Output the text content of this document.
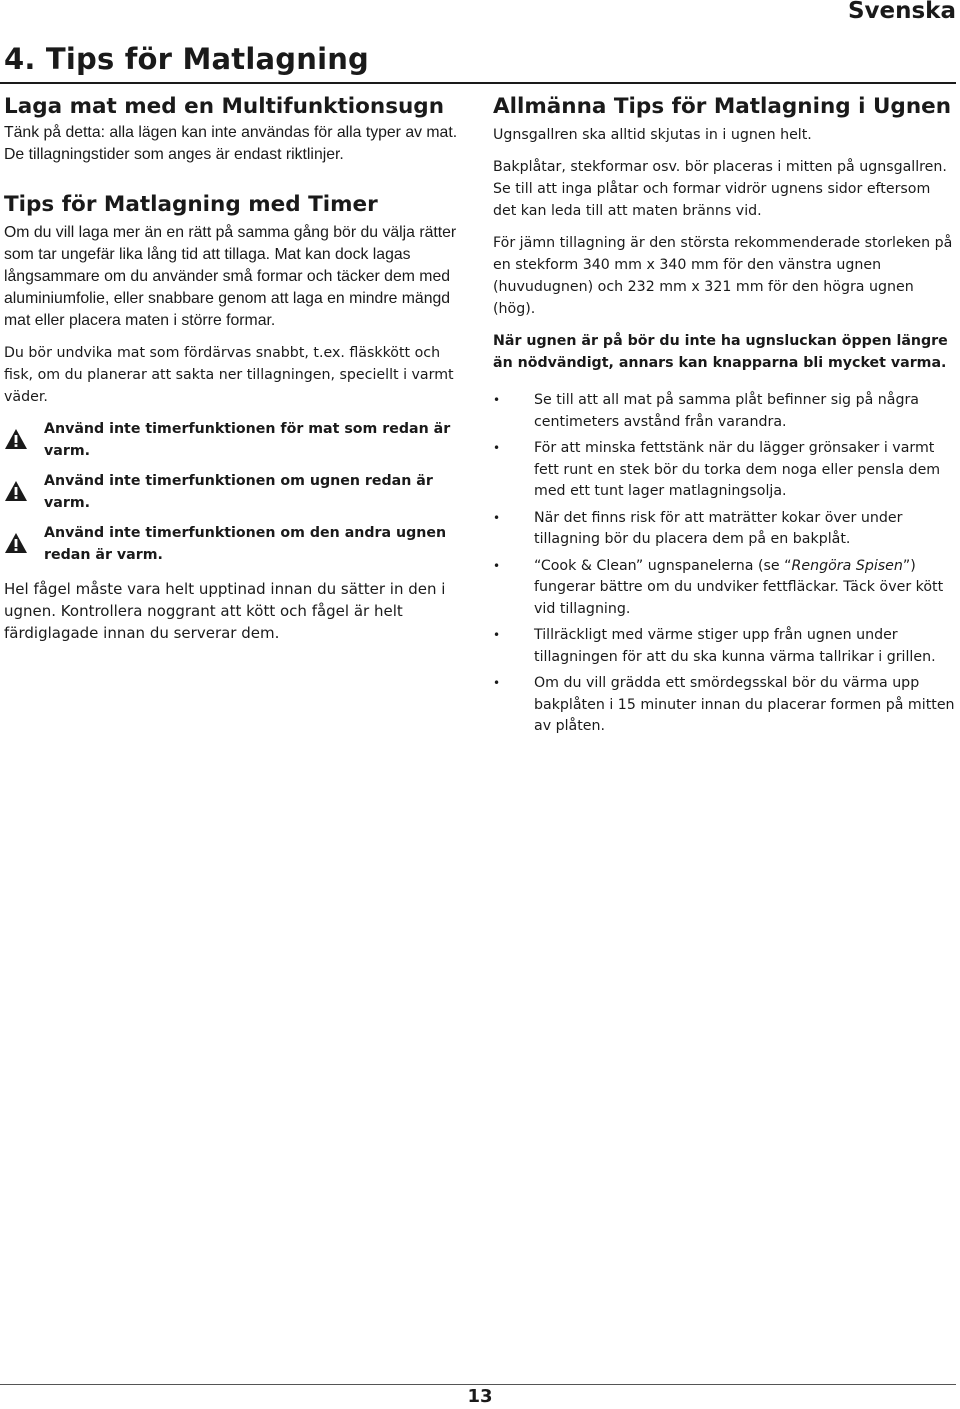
Svenska
4. Tips för Matlagning
Laga mat med en Multifunktionsugn

Tänk på detta: alla lägen kan inte användas för alla typer av mat. De tillagningstider som anges är endast riktlinjer.

Tips för Matlagning med Timer

Om du vill laga mer än en rätt på samma gång bör du välja rätter som tar ungefär lika lång tid att tillaga. Mat kan dock lagas långsammare om du använder små formar och täcker dem med aluminiumfolie, eller snabbare genom att laga en mindre mängd mat eller placera maten i större formar.

Du bör undvika mat som fördärvas snabbt, t.ex. fläskkött och fisk, om du planerar att sakta ner tillagningen, speciellt i varmt väder.

Använd inte timerfunktionen för mat som redan är varm.
Använd inte timerfunktionen om ugnen redan är varm.
Använd inte timerfunktionen om den andra ugnen redan är varm.

Hel fågel måste vara helt upptinad innan du sätter in den i ugnen. Kontrollera noggrant att kött och fågel är helt färdiglagade innan du serverar dem.

Allmänna Tips för Matlagning i Ugnen

Ugnsgallren ska alltid skjutas in i ugnen helt.

Bakplåtar, stekformar osv. bör placeras i mitten på ugnsgallren. Se till att inga plåtar och formar vidrör ugnens sidor eftersom det kan leda till att maten bränns vid.

För jämn tillagning är den största rekommenderade storleken på en stekform 340 mm x 340 mm för den vänstra ugnen (huvudugnen) och 232 mm x 321 mm för den högra ugnen (hög).

När ugnen är på bör du inte ha ugnsluckan öppen längre än nödvändigt, annars kan knapparna bli mycket varma.

• Se till att all mat på samma plåt befinner sig på några centimeters avstånd från varandra.
• För att minska fettstänk när du lägger grönsaker i varmt fett runt en stek bör du torka dem noga eller pensla dem med ett tunt lager matlagningsolja.
• När det finns risk för att maträtter kokar över under tillagning bör du placera dem på en bakplåt.
• “Cook & Clean” ugnspanelerna (se “Rengöra Spisen”) fungerar bättre om du undviker fettfläckar. Täck över kött vid tillagning.
• Tillräckligt med värme stiger upp från ugnen under tillagningen för att du ska kunna värma tallrikar i grillen.
• Om du vill grädda ett smördegsskal bör du värma upp bakplåten i 15 minuter innan du placerar formen på mitten av plåten.
13
